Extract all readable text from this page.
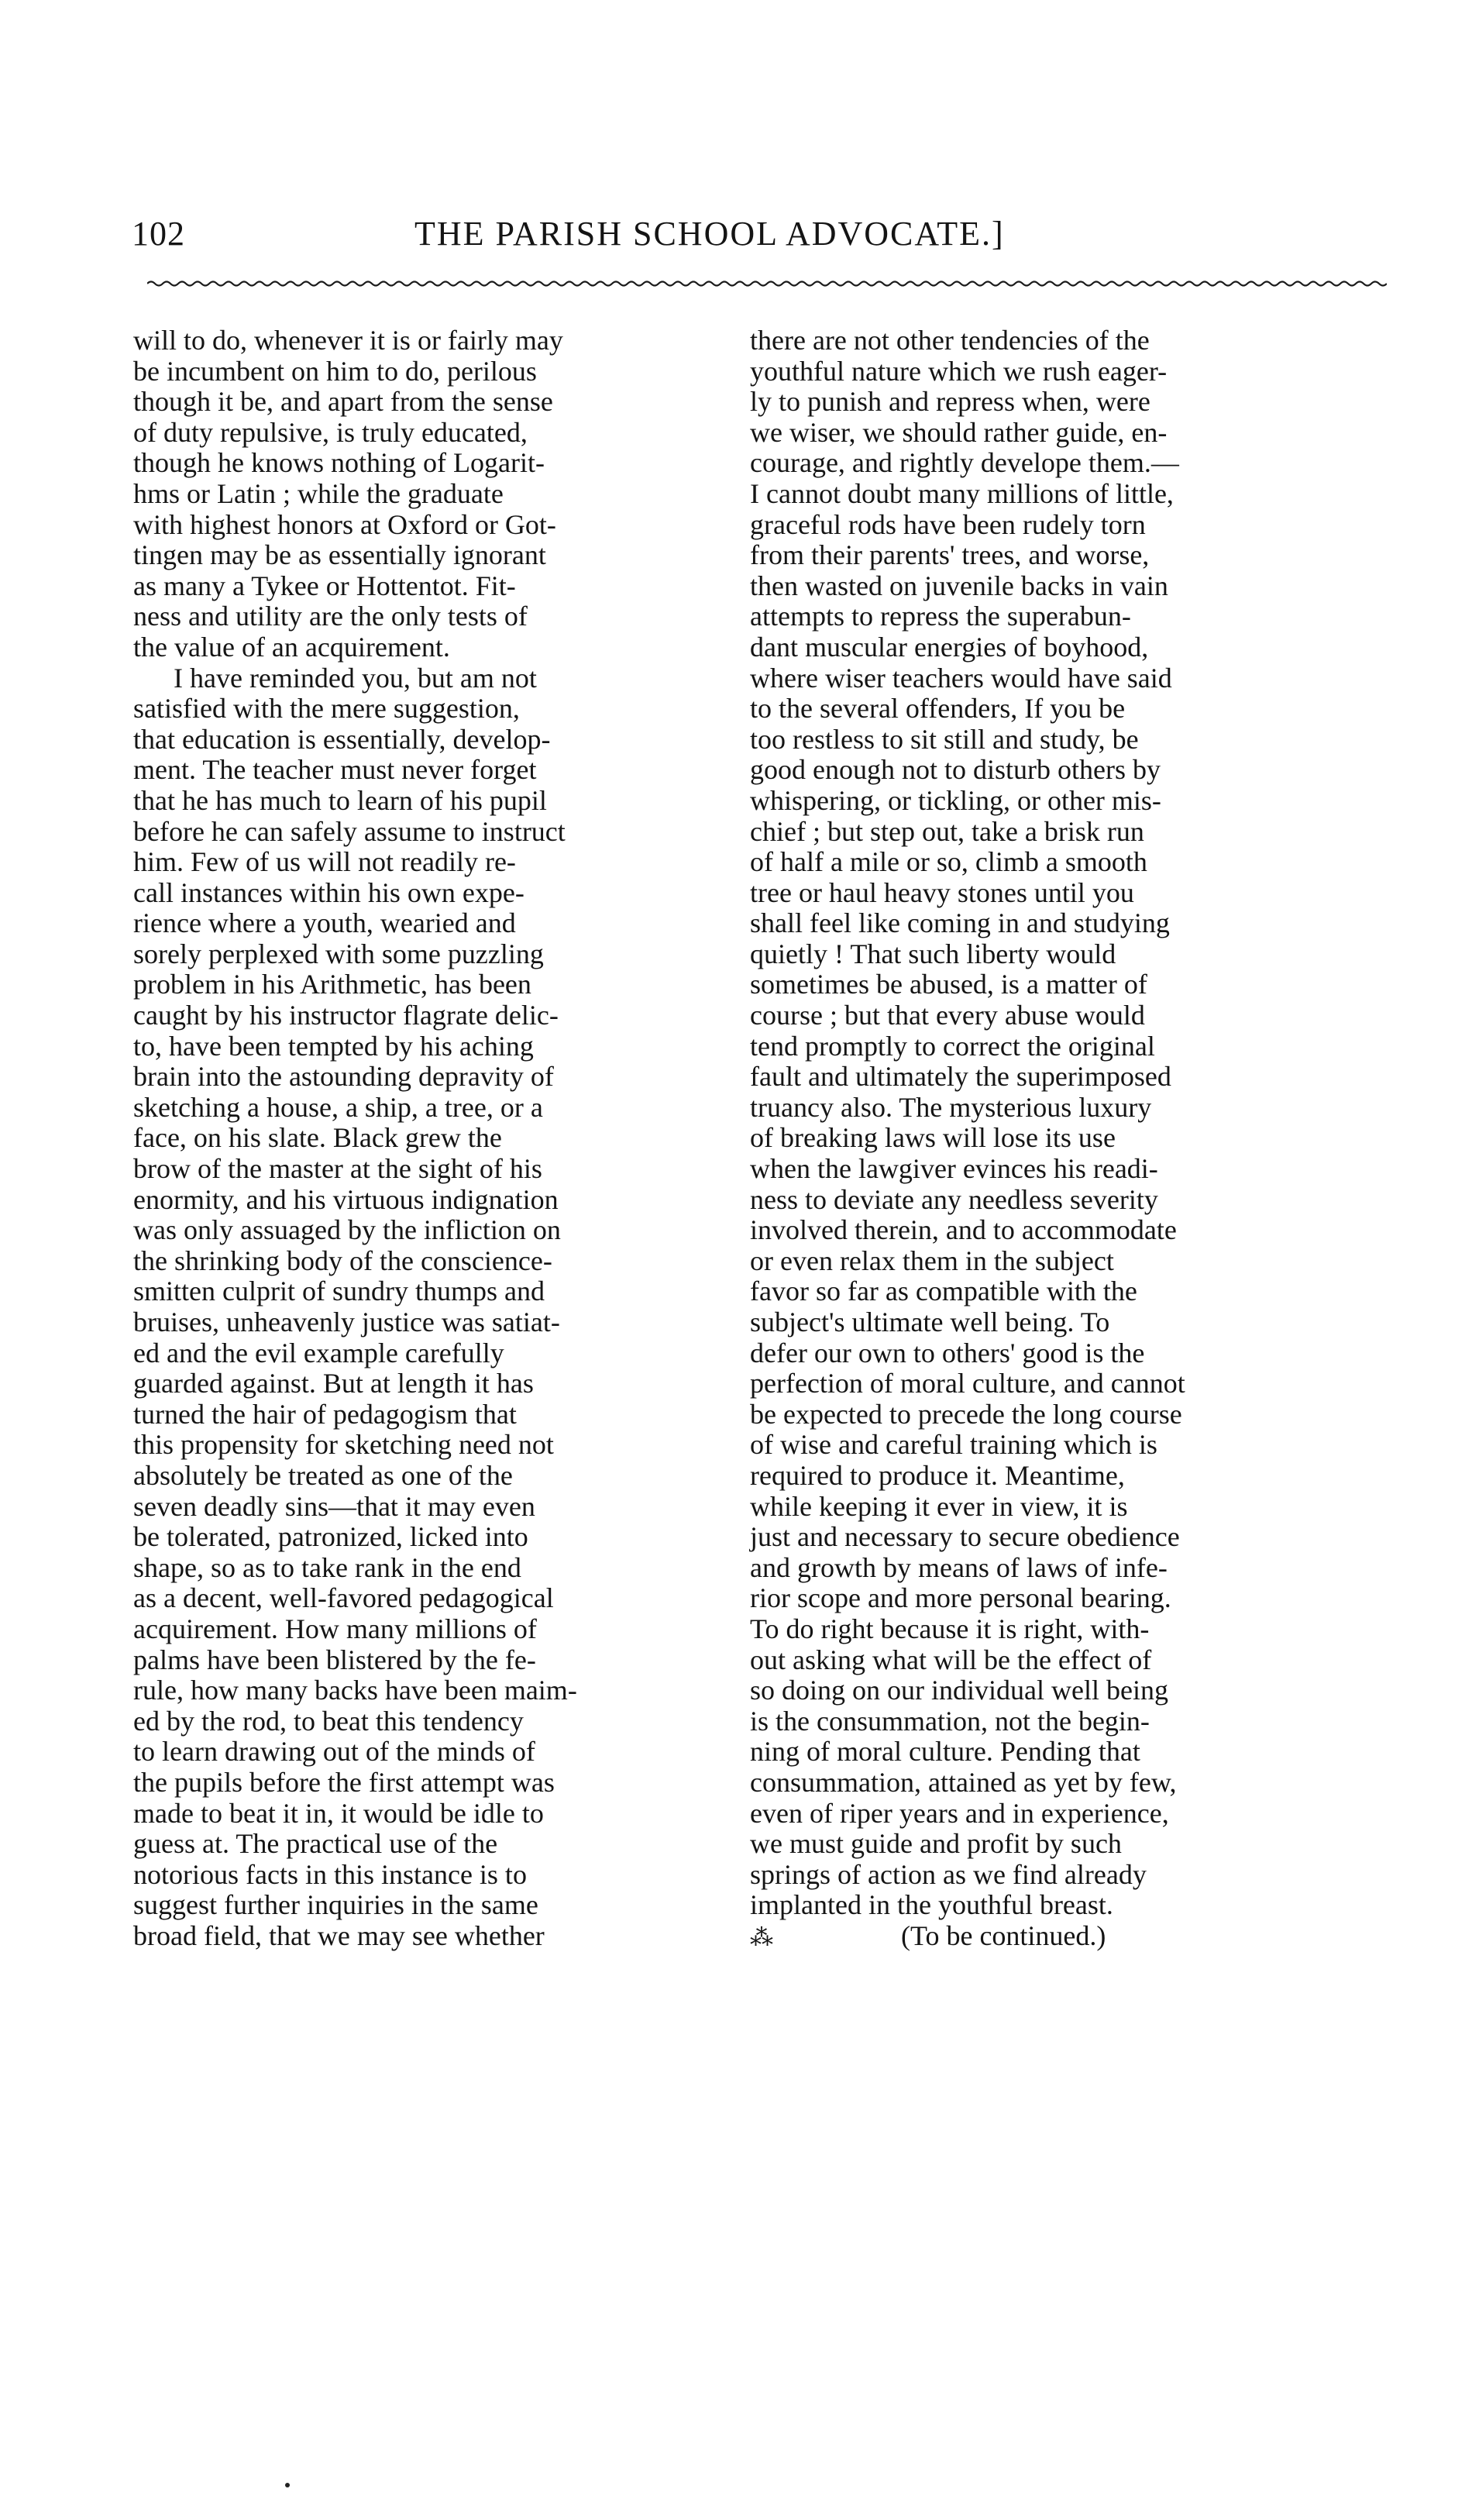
102	THE PARISH SCHOOL ADVOCATE.]

will to do, whenever it is or fairly may
be incumbent on him to do, perilous
though it be, and apart from the sense
of duty repulsive, is truly educated,
though he knows nothing of Logarit-
hms or Latin ; while the graduate
with highest honors at Oxford or Got-
tingen may be as essentially ignorant
as many a Tykee or Hottentot. Fit-
ness and utility are the only tests of
the value of an acquirement.

I have reminded you, but am not
satisfied with the mere suggestion,
that education is essentially, develop-
ment. The teacher must never forget
that he has much to learn of his pupil
before he can safely assume to instruct
him. Few of us will not readily re-
call instances within his own expe-
rience where a youth, wearied and
sorely perplexed with some puzzling
problem in his Arithmetic, has been
caught by his instructor flagrate delic-
to, have been tempted by his aching
brain into the astounding depravity of
sketching a house, a ship, a tree, or a
face, on his slate. Black grew the
brow of the master at the sight of his
enormity, and his virtuous indignation
was only assuaged by the infliction on
the shrinking body of the conscience-
smitten culprit of sundry thumps and
bruises, unheavenly justice was satiat-
ed and the evil example carefully
guarded against. But at length it has
turned the hair of pedagogism that
this propensity for sketching need not
absolutely be treated as one of the
seven deadly sins—that it may even
be tolerated, patronized, licked into
shape, so as to take rank in the end
as a decent, well-favored pedagogical
acquirement. How many millions of
palms have been blistered by the fe-
rule, how many backs have been maim-
ed by the rod, to beat this tendency
to learn drawing out of the minds of
the pupils before the first attempt was
made to beat it in, it would be idle to
guess at. The practical use of the
notorious facts in this instance is to
suggest further inquiries in the same
broad field, that we may see whether

there are not other tendencies of the
youthful nature which we rush eager-
ly to punish and repress when, were
we wiser, we should rather guide, en-
courage, and rightly develope them.—
I cannot doubt many millions of little,
graceful rods have been rudely torn
from their parents' trees, and worse,
then wasted on juvenile backs in vain
attempts to repress the superabun-
dant muscular energies of boyhood,
where wiser teachers would have said
to the several offenders, If you be
too restless to sit still and study, be
good enough not to disturb others by
whispering, or tickling, or other mis-
chief ; but step out, take a brisk run
of half a mile or so, climb a smooth
tree or haul heavy stones until you
shall feel like coming in and studying
quietly ! That such liberty would
sometimes be abused, is a matter of
course ; but that every abuse would
tend promptly to correct the original
fault and ultimately the superimposed
truancy also. The mysterious luxury
of breaking laws will lose its use
when the lawgiver evinces his readi-
ness to deviate any needless severity
involved therein, and to accommodate
or even relax them in the subject
favor so far as compatible with the
subject's ultimate well being. To
defer our own to others' good is the
perfection of moral culture, and cannot
be expected to precede the long course
of wise and careful training which is
required to produce it. Meantime,
while keeping it ever in view, it is
just and necessary to secure obedience
and growth by means of laws of infe-
rior scope and more personal bearing.
To do right because it is right, with-
out asking what will be the effect of
so doing on our individual well being
is the consummation, not the begin-
ning of moral culture. Pending that
consummation, attained as yet by few,
even of riper years and in experience,
we must guide and profit by such
springs of action as we find already
implanted in the youthful breast.

⁂	(To be continued.)
